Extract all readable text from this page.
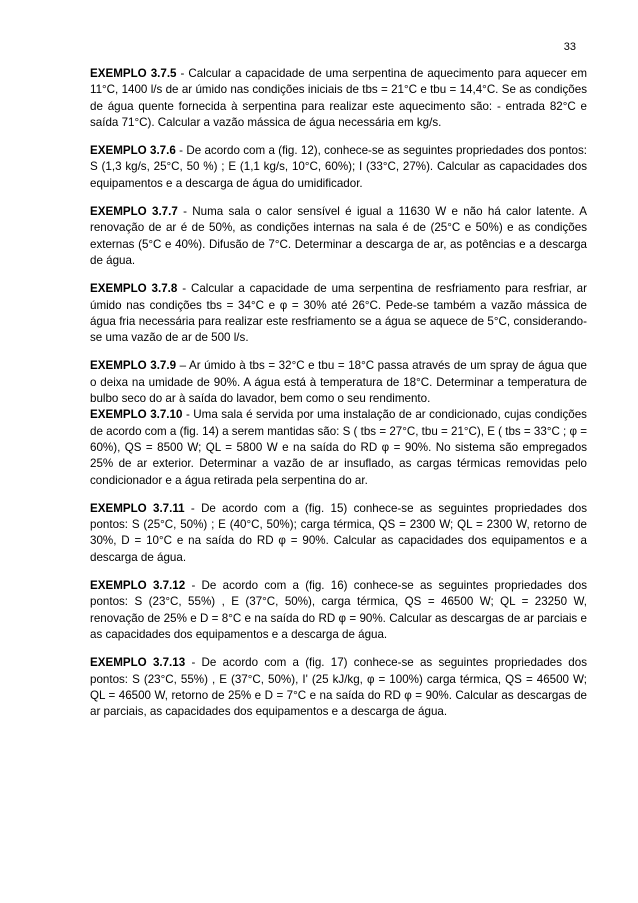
33

EXEMPLO 3.7.5 - Calcular a capacidade de uma serpentina de aquecimento para aquecer em 11°C, 1400 l/s de ar úmido nas condições iniciais de tbs = 21°C e tbu = 14,4°C. Se as condições de água quente fornecida à serpentina para realizar este aquecimento são: - entrada 82°C e saída 71°C). Calcular a vazão mássica de água necessária em kg/s.

EXEMPLO 3.7.6 - De acordo com a (fig. 12), conhece-se as seguintes propriedades dos pontos: S (1,3 kg/s, 25°C, 50 %) ; E (1,1 kg/s, 10°C, 60%); I (33°C, 27%). Calcular as capacidades dos equipamentos e a descarga de água do umidificador.

EXEMPLO 3.7.7 - Numa sala o calor sensível é igual a 11630 W e não há calor latente. A renovação de ar é de 50%, as condições internas na sala é de (25°C e 50%) e as condições externas (5°C e 40%). Difusão de 7°C. Determinar a descarga de ar, as potências e a descarga de água.

EXEMPLO 3.7.8 - Calcular a capacidade de uma serpentina de resfriamento para resfriar, ar úmido nas condições tbs = 34°C e φ = 30% até 26°C. Pede-se também a vazão mássica de água fria necessária para realizar este resfriamento se a água se aquece de 5°C, considerando-se uma vazão de ar de 500 l/s.

EXEMPLO 3.7.9 – Ar úmido à tbs = 32°C e tbu = 18°C passa através de um spray de água que o deixa na umidade de 90%. A água está à temperatura de 18°C. Determinar a temperatura de bulbo seco do ar à saída do lavador, bem como o seu rendimento.

EXEMPLO 3.7.10 - Uma sala é servida por uma instalação de ar condicionado, cujas condições de acordo com a (fig. 14) a serem mantidas são: S ( tbs = 27°C, tbu = 21°C), E ( tbs = 33°C ; φ = 60%), QS = 8500 W; QL = 5800 W e na saída do RD φ = 90%. No sistema são empregados 25% de ar exterior. Determinar a vazão de ar insuflado, as cargas térmicas removidas pelo condicionador e a água retirada pela serpentina do ar.

EXEMPLO 3.7.11 - De acordo com a (fig. 15) conhece-se as seguintes propriedades dos pontos: S (25°C, 50%) ; E (40°C, 50%); carga térmica, QS = 2300 W; QL = 2300 W, retorno de 30%, D = 10°C e na saída do RD φ = 90%. Calcular as capacidades dos equipamentos e a descarga de água.

EXEMPLO 3.7.12 - De acordo com a (fig. 16) conhece-se as seguintes propriedades dos pontos: S (23°C, 55%) , E (37°C, 50%), carga térmica, QS = 46500 W; QL = 23250 W, renovação de 25% e D = 8°C e na saída do RD φ = 90%. Calcular as descargas de ar parciais e as capacidades dos equipamentos e a descarga de água.

EXEMPLO 3.7.13 - De acordo com a (fig. 17) conhece-se as seguintes propriedades dos pontos: S (23°C, 55%) , E (37°C, 50%), I' (25 kJ/kg, φ = 100%) carga térmica, QS = 46500 W; QL = 46500 W, retorno de 25% e D = 7°C e na saída do RD φ = 90%. Calcular as descargas de ar parciais, as capacidades dos equipamentos e a descarga de água.
